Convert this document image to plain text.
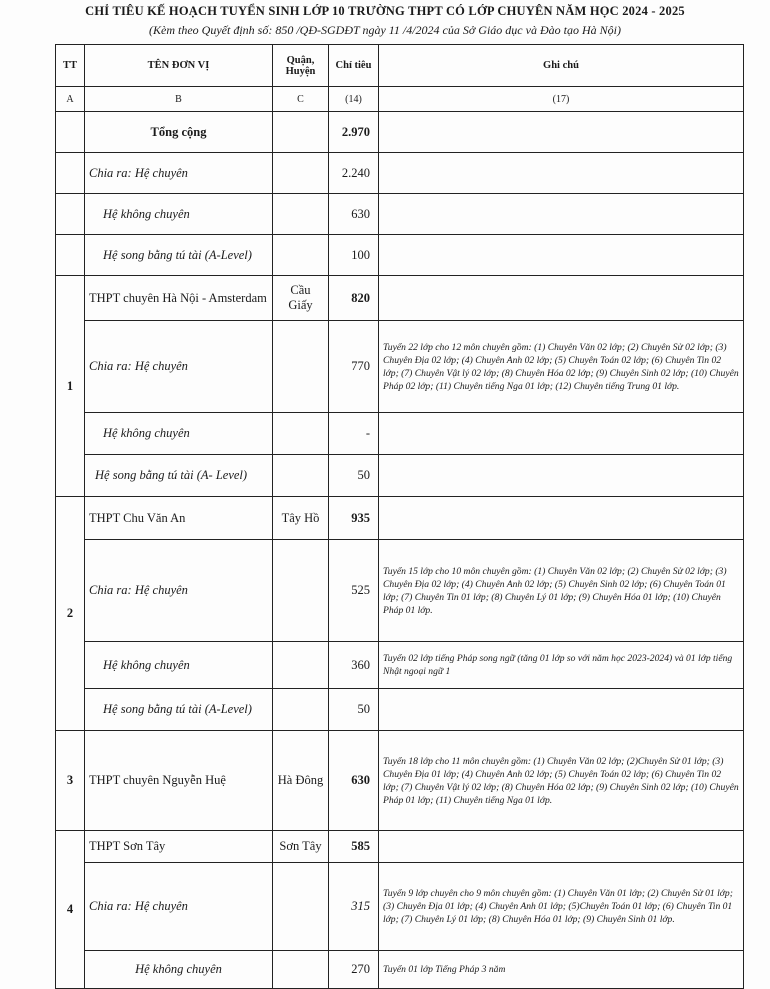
CHỈ TIÊU KẾ HOẠCH TUYỂN SINH LỚP 10 TRƯỜNG THPT CÓ LỚP CHUYÊN NĂM HỌC 2024 - 2025
(Kèm theo Quyết định số: 850 /QĐ-SGDĐT ngày 11 /4/2024 của Sở Giáo dục và Đào tạo Hà Nội)
TT	TÊN ĐƠN VỊ	Quận, Huyện	Chỉ tiêu	Ghi chú
A	B	C	(14)	(17)
	Tổng cộng		2.970	
	Chia ra: Hệ chuyên		2.240	
	Hệ không chuyên		630	
	Hệ song bằng tú tài (A-Level)		100	
1	THPT chuyên Hà Nội - Amsterdam	Cầu Giấy	820	
	Chia ra: Hệ chuyên		770	Tuyển 22 lớp cho 12 môn chuyên gồm: (1) Chuyên Văn 02 lớp; (2) Chuyên Sử 02 lớp; (3) Chuyên Địa 02 lớp; (4) Chuyên Anh 02 lớp; (5) Chuyên Toán 02 lớp; (6) Chuyên Tin 02 lớp; (7) Chuyên Vật lý 02 lớp; (8) Chuyên Hóa 02 lớp; (9) Chuyên Sinh 02 lớp; (10) Chuyên Pháp 02 lớp; (11) Chuyên tiếng Nga 01 lớp; (12) Chuyên tiếng Trung 01 lớp.
	Hệ không chuyên		-	
	Hệ song bằng tú tài (A- Level)		50	
2	THPT Chu Văn An	Tây Hồ	935	
	Chia ra: Hệ chuyên		525	Tuyển 15 lớp cho 10 môn chuyên gồm: (1) Chuyên Văn 02 lớp; (2) Chuyên Sử 02 lớp; (3) Chuyên Địa 02 lớp; (4) Chuyên Anh 02 lớp; (5) Chuyên Sinh 02 lớp; (6) Chuyên Toán 01 lớp; (7) Chuyên Tin 01 lớp; (8) Chuyên Lý 01 lớp; (9) Chuyên Hóa 01 lớp; (10) Chuyên Pháp 01 lớp.
	Hệ không chuyên		360	Tuyển 02 lớp tiếng Pháp song ngữ (tăng 01 lớp so với năm học 2023-2024) và 01 lớp tiếng Nhật ngoại ngữ 1
	Hệ song bằng tú tài (A-Level)		50	
3	THPT chuyên Nguyễn Huệ	Hà Đông	630	Tuyển 18 lớp cho 11 môn chuyên gồm: (1) Chuyên Văn 02 lớp; (2)Chuyên Sử 01 lớp; (3) Chuyên Địa 01 lớp; (4) Chuyên Anh 02 lớp; (5) Chuyên Toán 02 lớp; (6) Chuyên Tin 02 lớp; (7) Chuyên Vật lý 02 lớp; (8) Chuyên Hóa 02 lớp; (9) Chuyên Sinh 02 lớp; (10) Chuyên Pháp 01 lớp; (11) Chuyên tiếng Nga 01 lớp.
4	THPT Sơn Tây	Sơn Tây	585	
	Chia ra: Hệ chuyên		315	Tuyển 9 lớp chuyên cho 9 môn chuyên gồm: (1) Chuyên Văn 01 lớp; (2) Chuyên Sử 01 lớp; (3) Chuyên Địa 01 lớp; (4) Chuyên Anh 01 lớp; (5)Chuyên Toán 01 lớp; (6) Chuyên Tin 01 lớp; (7) Chuyên Lý 01 lớp; (8) Chuyên Hóa 01 lớp; (9) Chuyên Sinh 01 lớp.
	Hệ không chuyên		270	Tuyển 01 lớp Tiếng Pháp 3 năm
